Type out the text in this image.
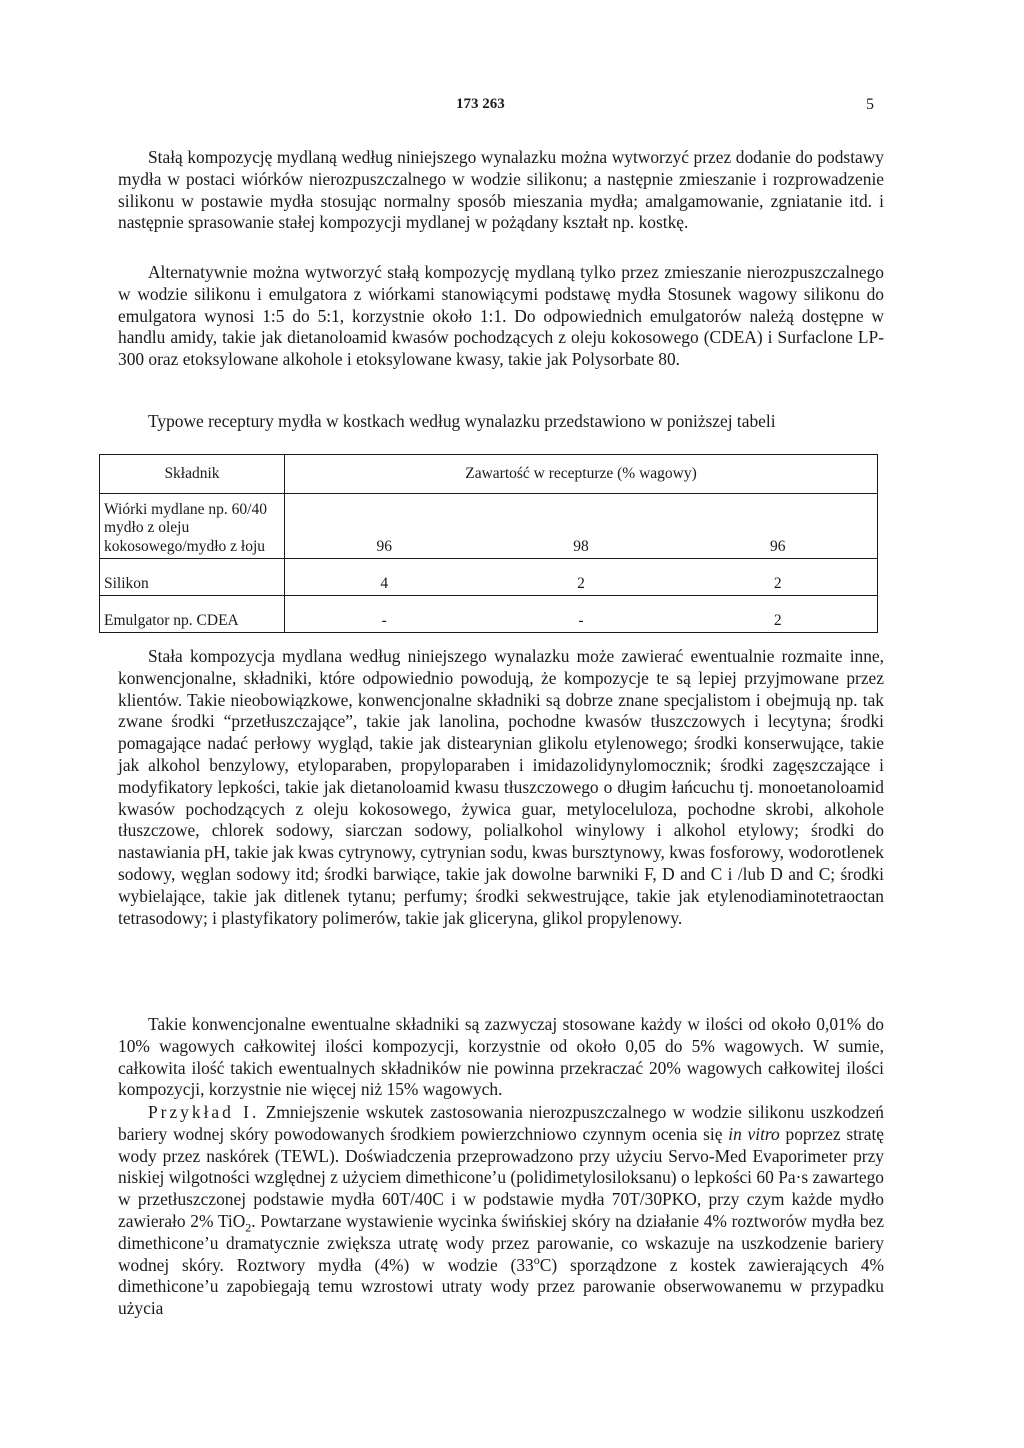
173 263	5

Stałą kompozycję mydlaną według niniejszego wynalazku można wytworzyć przez dodanie do podstawy mydła w postaci wiórków nierozpuszczalnego w wodzie silikonu; a następnie zmieszanie i rozprowadzenie silikonu w postawie mydła stosując normalny sposób mieszania mydła; amalgamowanie, zgniatanie itd. i następnie sprasowanie stałej kompozycji mydlanej w pożądany kształt np. kostkę.

Alternatywnie można wytworzyć stałą kompozycję mydlaną tylko przez zmieszanie nierozpuszczalnego w wodzie silikonu i emulgatora z wiórkami stanowiącymi podstawę mydła Stosunek wagowy silikonu do emulgatora wynosi 1:5 do 5:1, korzystnie około 1:1. Do odpowiednich emulgatorów należą dostępne w handlu amidy, takie jak dietanoloamid kwasów pochodzących z oleju kokosowego (CDEA) i Surfaclone LP-300 oraz etoksylowane alkohole i etoksylowane kwasy, takie jak Polysorbate 80.

Typowe receptury mydła w kostkach według wynalazku przedstawiono w poniższej tabeli

Składnik	Zawartość w recepturze (% wagowy)		
Wiórki mydlane np. 60/40 mydło z oleju kokosowego/mydło z łoju	96	98	96
Silikon	4	2	2
Emulgator np. CDEA	-	-	2

Stała kompozycja mydlana według niniejszego wynalazku może zawierać ewentualnie rozmaite inne, konwencjonalne, składniki, które odpowiednio powodują, że kompozycje te są lepiej przyjmowane przez klientów. Takie nieobowiązkowe, konwencjonalne składniki są dobrze znane specjalistom i obejmują np. tak zwane środki “przetłuszczające”, takie jak lanolina, pochodne kwasów tłuszczowych i lecytyna; środki pomagające nadać perłowy wygląd, takie jak distearynian glikolu etylenowego; środki konserwujące, takie jak alkohol benzylowy, etyloparaben, propyloparaben i imidazolidynylomocznik; środki zagęszczające i modyfikatory lepkości, takie jak dietanoloamid kwasu tłuszczowego o długim łańcuchu tj. monoetanoloamid kwasów pochodzących z oleju kokosowego, żywica guar, metyloceluloza, pochodne skrobi, alkohole tłuszczowe, chlorek sodowy, siarczan sodowy, polialkohol winylowy i alkohol etylowy; środki do nastawiania pH, takie jak kwas cytrynowy, cytrynian sodu, kwas bursztynowy, kwas fosforowy, wodorotlenek sodowy, węglan sodowy itd; środki barwiące, takie jak dowolne barwniki F, D and C i /lub D and C; środki wybielające, takie jak ditlenek tytanu; perfumy; środki sekwestrujące, takie jak etylenodiaminotetraoctan tetrasodowy; i plastyfikatory polimerów, takie jak gliceryna, glikol propylenowy.

Takie konwencjonalne ewentualne składniki są zazwyczaj stosowane każdy w ilości od około 0,01% do 10% wagowych całkowitej ilości kompozycji, korzystnie od około 0,05 do 5% wagowych. W sumie, całkowita ilość takich ewentualnych składników nie powinna przekraczać 20% wagowych całkowitej ilości kompozycji, korzystnie nie więcej niż 15% wagowych.

Przykład I. Zmniejszenie wskutek zastosowania nierozpuszczalnego w wodzie silikonu uszkodzeń bariery wodnej skóry powodowanych środkiem powierzchniowo czynnym ocenia się in vitro poprzez stratę wody przez naskórek (TEWL). Doświadczenia przeprowadzono przy użyciu Servo-Med Evaporimeter przy niskiej wilgotności względnej z użyciem dimethicone’u (polidimetylosiloksanu) o lepkości 60 Pa·s zawartego w przetłuszczonej podstawie mydła 60T/40C i w podstawie mydła 70T/30PKO, przy czym każde mydło zawierało 2% TiO$_2$. Powtarzane wystawienie wycinka świńskiej skóry na działanie 4% roztworów mydła bez dimethicone’u dramatycznie zwiększa utratę wody przez parowanie, co wskazuje na uszkodzenie bariery wodnej skóry. Roztwory mydła (4%) w wodzie (33$^o$C) sporządzone z kostek zawierających 4% dimethicone’u zapobiegają temu wzrostowi utraty wody przez parowanie obserwowanemu w przypadku użycia
